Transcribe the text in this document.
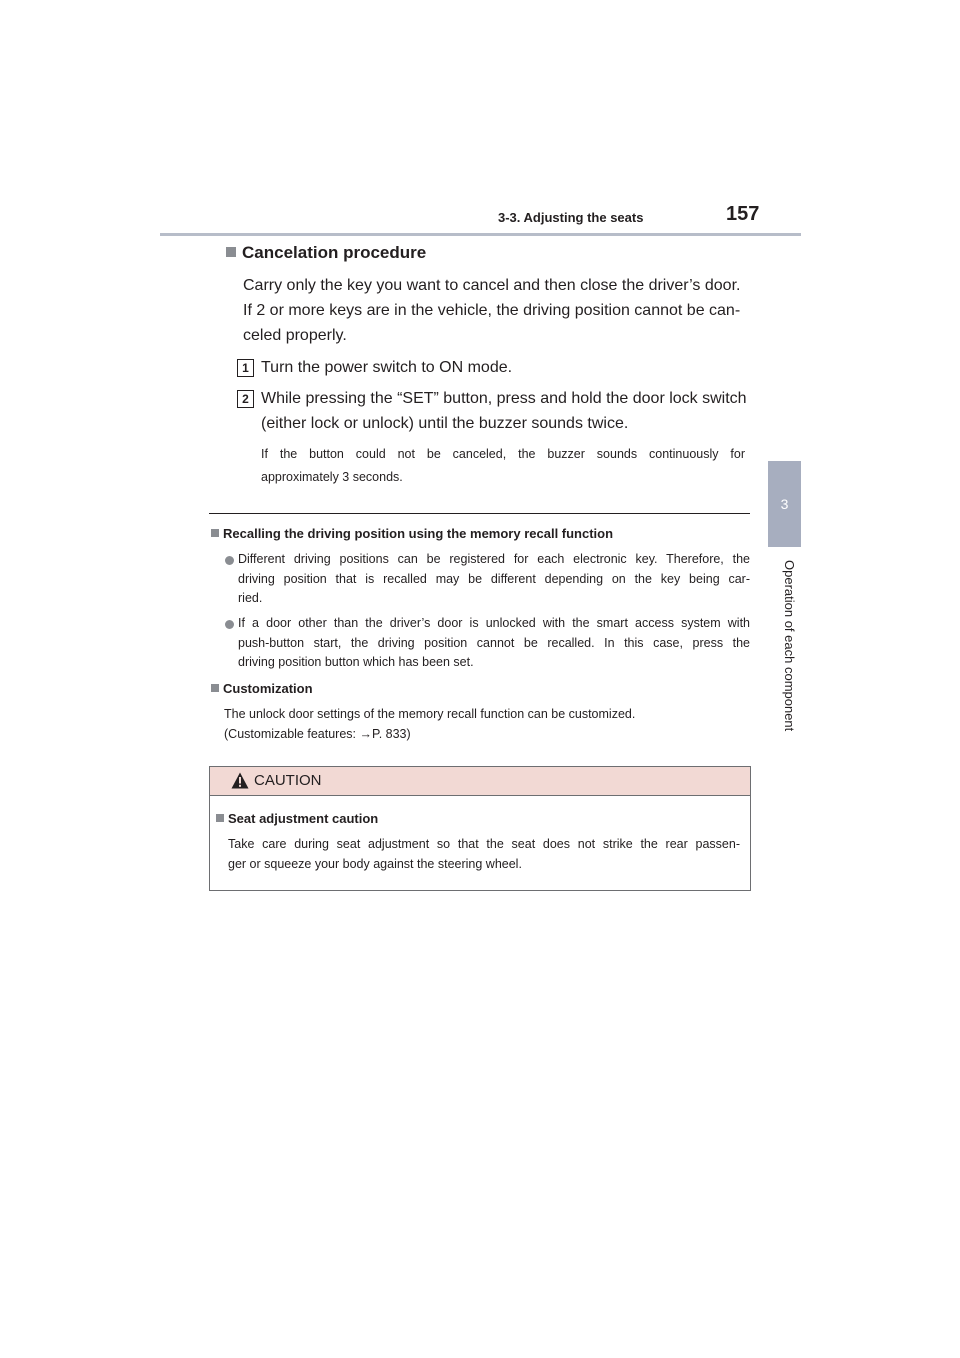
3-3. Adjusting the seats	157
3
Operation of each component
Cancelation procedure
Carry only the key you want to cancel and then close the driver’s door.
If 2 or more keys are in the vehicle, the driving position cannot be can-
celed properly.
1 Turn the power switch to ON mode.
2 While pressing the “SET” button, press and hold the door lock switch
(either lock or unlock) until the buzzer sounds twice.
If the button could not be canceled, the buzzer sounds continuously for
approximately 3 seconds.
Recalling the driving position using the memory recall function
Different driving positions can be registered for each electronic key. Therefore, the
driving position that is recalled may be different depending on the key being car-
ried.
If a door other than the driver’s door is unlocked with the smart access system with
push-button start, the driving position cannot be recalled. In this case, press the
driving position button which has been set.
Customization
The unlock door settings of the memory recall function can be customized.
(Customizable features: →P. 833)
CAUTION
Seat adjustment caution
Take care during seat adjustment so that the seat does not strike the rear passen-
ger or squeeze your body against the steering wheel.
